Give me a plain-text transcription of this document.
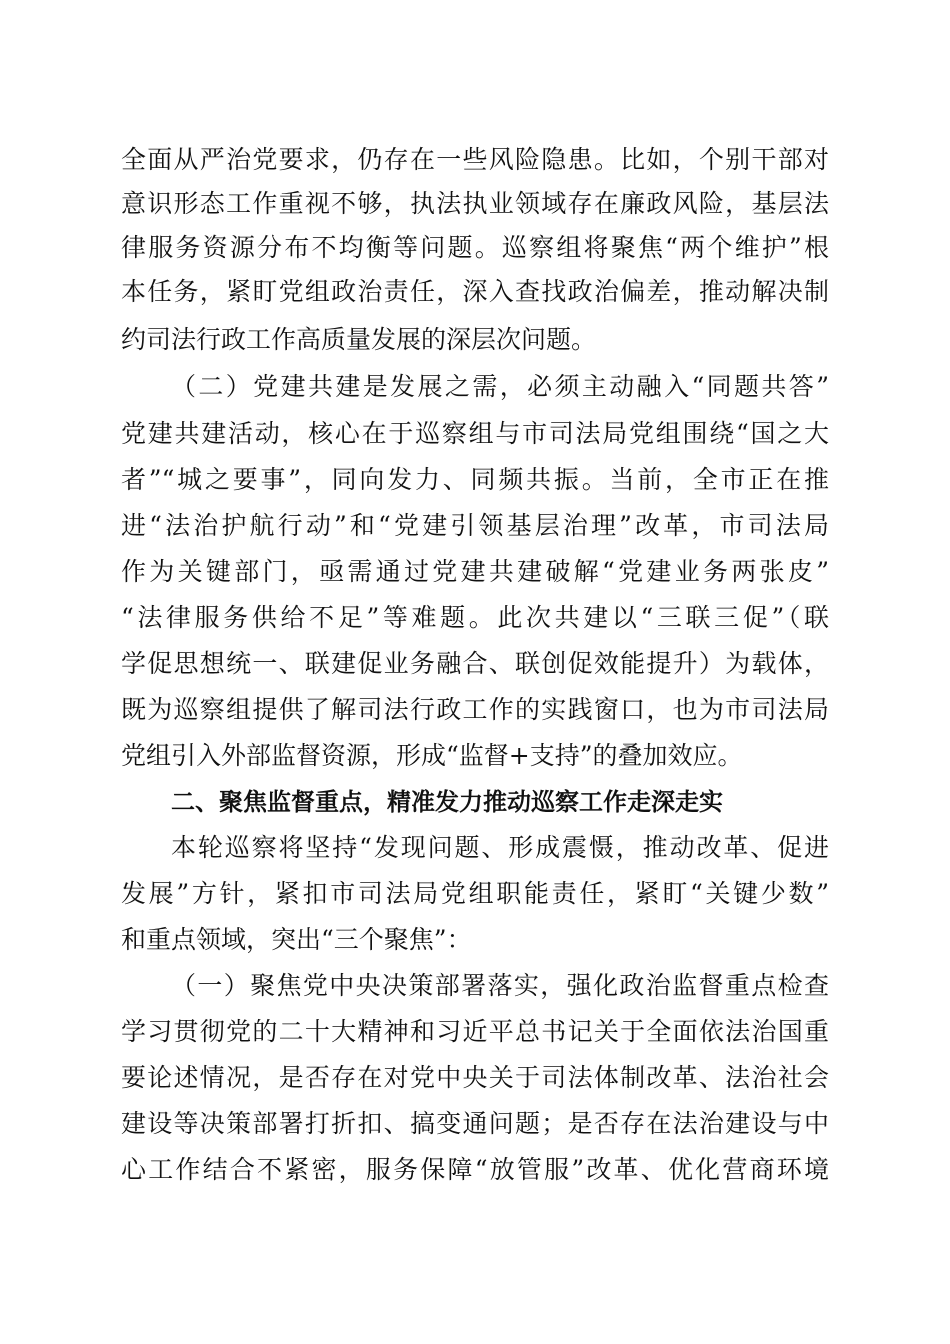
全面从严治党要求，仍存在一些风险隐患。比如，个别干部对
意识形态工作重视不够，执法执业领域存在廉政风险，基层法
律服务资源分布不均衡等问题。巡察组将聚焦“两个维护”根
本任务，紧盯党组政治责任，深入查找政治偏差，推动解决制
约司法行政工作高质量发展的深层次问题。
（二）党建共建是发展之需，必须主动融入“同题共答”
党建共建活动，核心在于巡察组与市司法局党组围绕“国之大
者”“城之要事”，同向发力、同频共振。当前，全市正在推
进“法治护航行动”和“党建引领基层治理”改革，市司法局
作为关键部门，亟需通过党建共建破解“党建业务两张皮”
“法律服务供给不足”等难题。此次共建以“三联三促”（联
学促思想统一、联建促业务融合、联创促效能提升）为载体，
既为巡察组提供了解司法行政工作的实践窗口，也为市司法局
党组引入外部监督资源，形成“监督+支持”的叠加效应。
二、聚焦监督重点，精准发力推动巡察工作走深走实
本轮巡察将坚持“发现问题、形成震慑，推动改革、促进
发展”方针，紧扣市司法局党组职能责任，紧盯“关键少数”
和重点领域，突出“三个聚焦”：
（一）聚焦党中央决策部署落实，强化政治监督重点检查
学习贯彻党的二十大精神和习近平总书记关于全面依法治国重
要论述情况，是否存在对党中央关于司法体制改革、法治社会
建设等决策部署打折扣、搞变通问题；是否存在法治建设与中
心工作结合不紧密，服务保障“放管服”改革、优化营商环境
